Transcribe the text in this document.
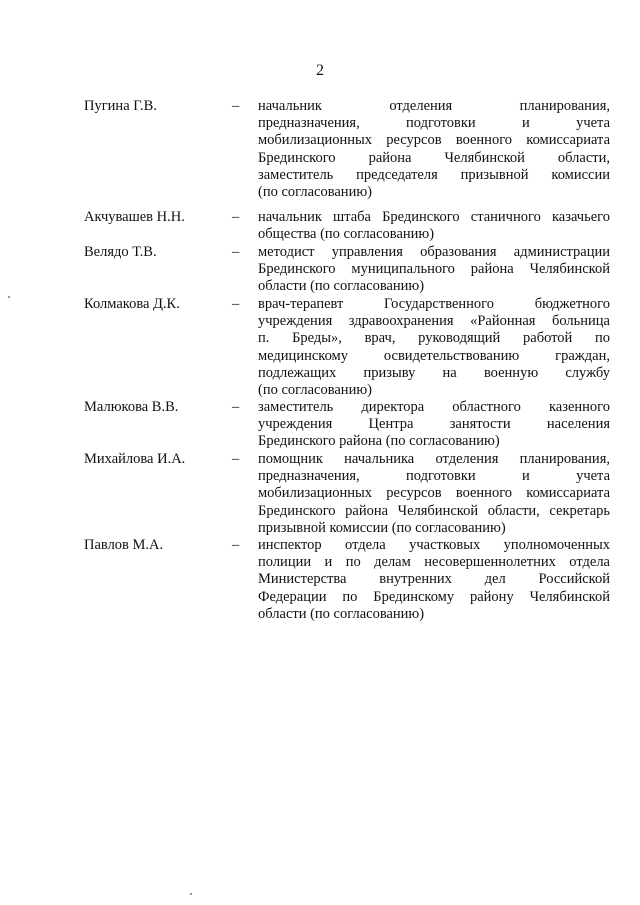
2
Пугина Г.В.	– начальник отделения планирования,
предназначения, подготовки и учета
мобилизационных ресурсов военного комиссариата
Брединского района Челябинской области,
заместитель председателя призывной комиссии
(по согласованию)
Акчувашев Н.Н.	– начальник штаба Брединского станичного казачьего
общества (по согласованию)
Велядо Т.В.	– методист управления образования администрации
Брединского муниципального района Челябинской
области (по согласованию)
Колмакова Д.К.	– врач-терапевт Государственного бюджетного
учреждения здравоохранения «Районная больница
п. Бреды», врач, руководящий работой по
медицинскому освидетельствованию граждан,
подлежащих призыву на военную службу
(по согласованию)
Малюкова В.В.	– заместитель директора областного казенного
учреждения Центра занятости населения
Брединского района (по согласованию)
Михайлова И.А.	– помощник начальника отделения планирования,
предназначения, подготовки и учета
мобилизационных ресурсов военного комиссариата
Брединского района Челябинской области, секретарь
призывной комиссии (по согласованию)
Павлов М.А.	– инспектор отдела участковых уполномоченных
полиции и по делам несовершеннолетних отдела
Министерства внутренних дел Российской
Федерации по Брединскому району Челябинской
области (по согласованию)
